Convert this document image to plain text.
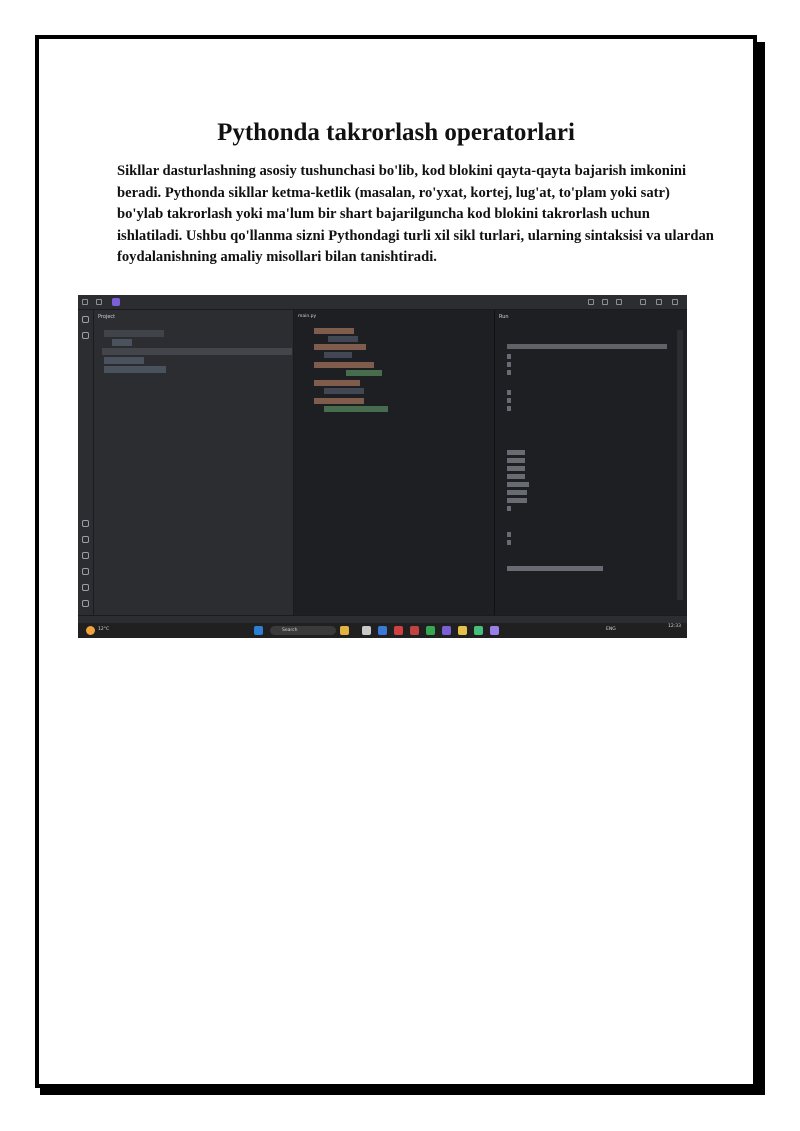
Pythonda takrorlash operatorlari

Sikllar dasturlashning asosiy tushunchasi bo'lib, kod blokini qayta-qayta bajarish imkonini beradi. Pythonda sikllar ketma-ketlik (masalan, ro'yxat, kortej, lug'at, to'plam yoki satr) bo'ylab takrorlash yoki ma'lum bir shart bajarilguncha kod blokini takrorlash uchun ishlatiladi. Ushbu qo'llanma sizni Pythondagi turli xil sikl turlari, ularning sintaksisi va ulardan foydalanishning amaliy misollari bilan tanishtiradi.

Project	main.py	Run
12°C	Search	ENG
12:33
